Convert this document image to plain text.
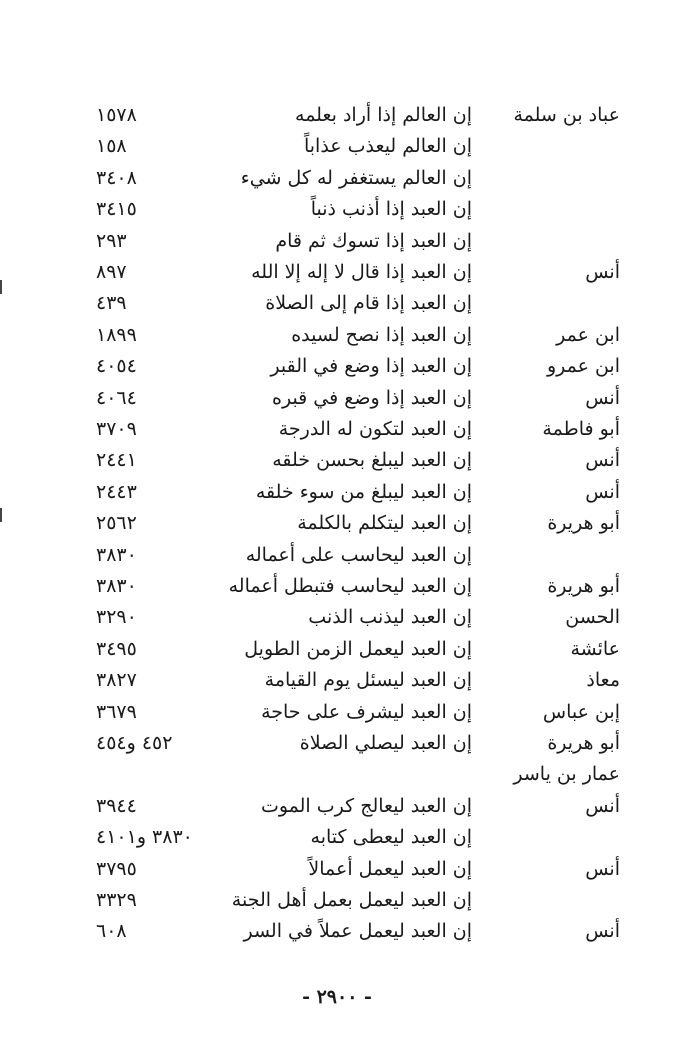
عباد بن سلمة
إن العالم إذا أراد بعلمه
١٥٧٨
إن العالم ليعذب عذاباً
١٥٨
إن العالم يستغفر له كل شيء
٣٤٠٨
إن العبد إذا أذنب ذنباً
٣٤١٥
إن العبد إذا تسوك ثم قام
٢٩٣
أنس
إن العبد إذا قال لا إله إلا الله
٨٩٧
إن العبد إذا قام إلى الصلاة
٤٣٩
ابن عمر
إن العبد إذا نصح لسيده
١٨٩٩
ابن عمرو
إن العبد إذا وضع في القبر
٤٠٥٤
أنس
إن العبد إذا وضع في قبره
٤٠٦٤
أبو فاطمة
إن العبد لتكون له الدرجة
٣٧٠٩
أنس
إن العبد ليبلغ بحسن خلقه
٢٤٤١
أنس
إن العبد ليبلغ من سوء خلقه
٢٤٤٣
أبو هريرة
إن العبد ليتكلم بالكلمة
٢٥٦٢
إن العبد ليحاسب على أعماله
٣٨٣٠
أبو هريرة
إن العبد ليحاسب فتبطل أعماله
٣٨٣٠
الحسن
إن العبد ليذنب الذنب
٣٢٩٠
عائشة
إن العبد ليعمل الزمن الطويل
٣٤٩٥
معاذ
إن العبد ليسئل يوم القيامة
٣٨٢٧
إبن عباس
إن العبد ليشرف على حاجة
٣٦٧٩
أبو هريرة
إن العبد ليصلي الصلاة
٤٥٢ و٤٥٤
عمار بن ياسر
أنس
إن العبد ليعالج كرب الموت
٣٩٤٤
إن العبد ليعطى كتابه
٣٨٣٠ و٤١٠١
أنس
إن العبد ليعمل أعمالاً
٣٧٩٥
إن العبد ليعمل بعمل أهل الجنة
٣٣٢٩
أنس
إن العبد ليعمل عملاً في السر
٦٠٨
- ٢٩٠٠ -
